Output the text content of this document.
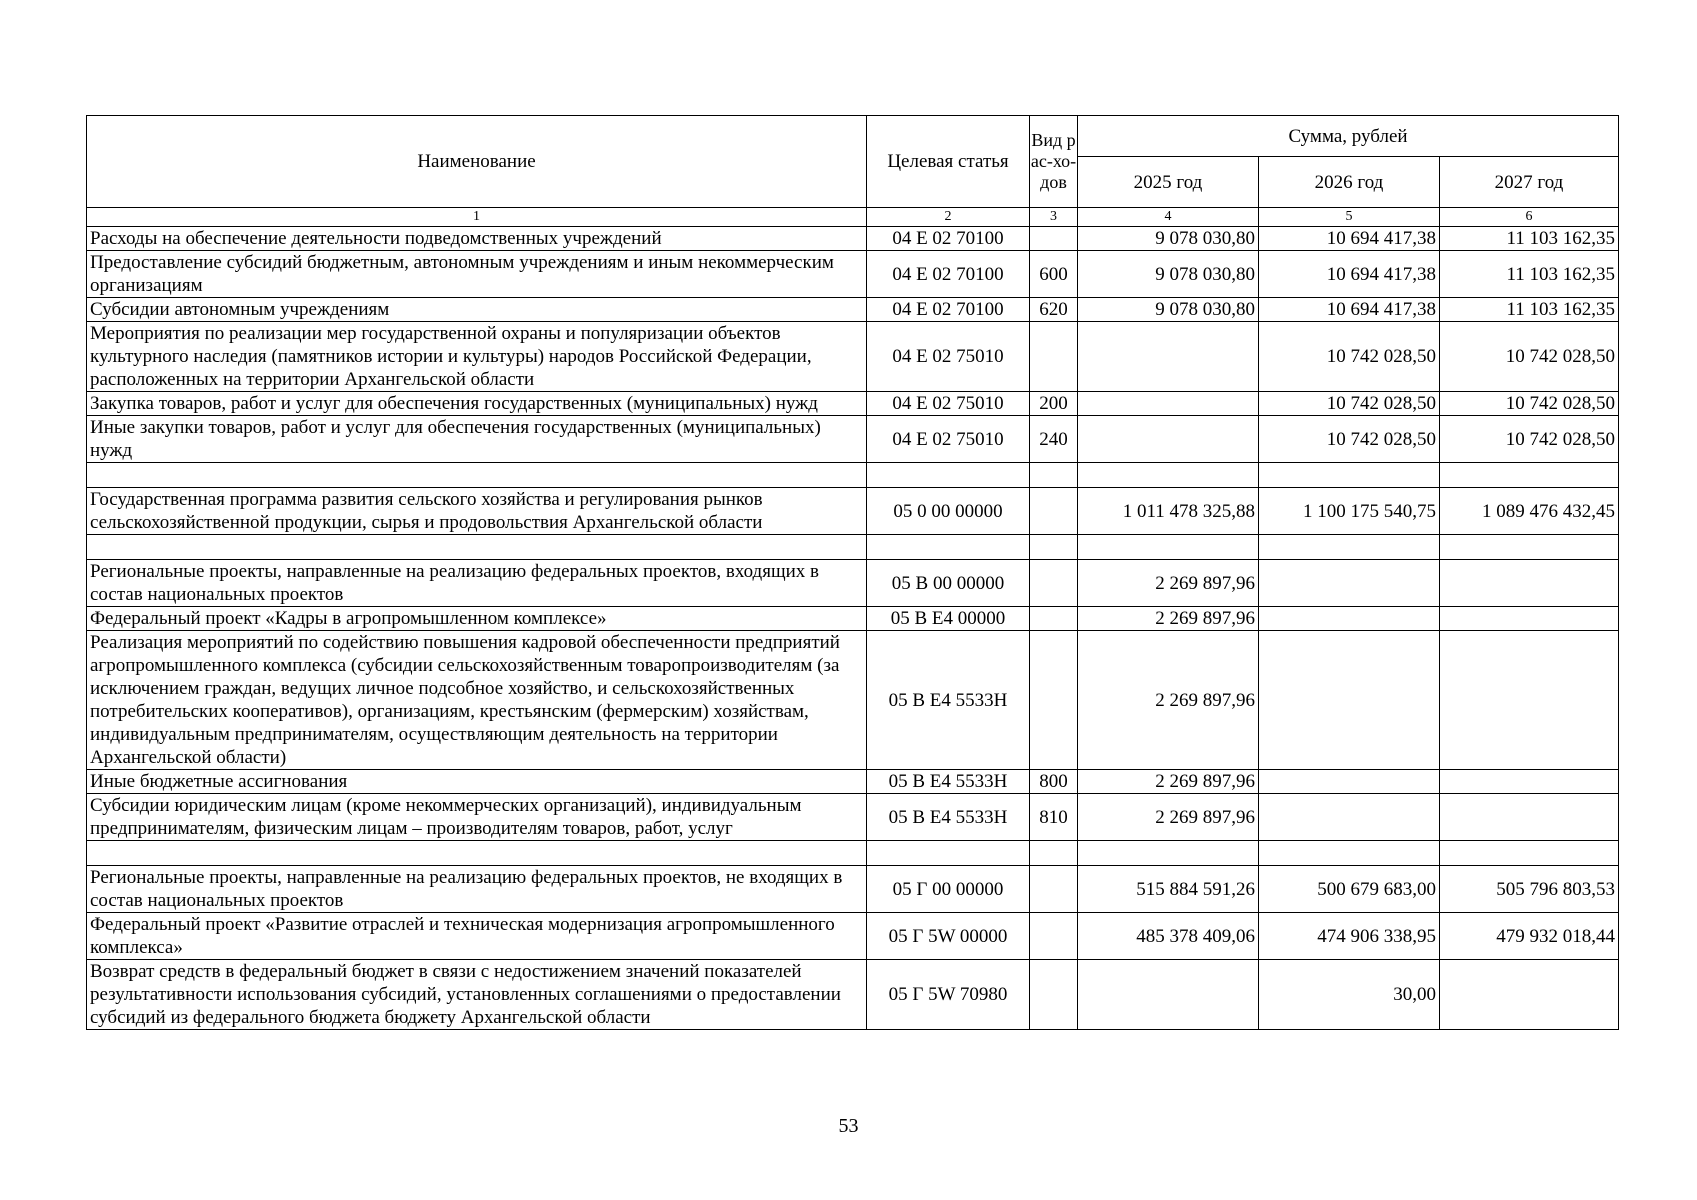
Наименование	Целевая статья	Вид рас-хо-дов	Сумма, рублей		
			2025 год	2026 год	2027 год
1	2	3	4	5	6
Расходы на обеспечение деятельности подведомственных учреждений	04 Е 02 70100		9 078 030,80	10 694 417,38	11 103 162,35
Предоставление субсидий бюджетным, автономным учреждениям и иным некоммерческим организациям	04 Е 02 70100	600	9 078 030,80	10 694 417,38	11 103 162,35
Субсидии автономным учреждениям	04 Е 02 70100	620	9 078 030,80	10 694 417,38	11 103 162,35
Мероприятия по реализации мер государственной охраны и популяризации объектов культурного наследия (памятников истории и культуры) народов Российской Федерации, расположенных на территории Архангельской области	04 Е 02 75010			10 742 028,50	10 742 028,50
Закупка товаров, работ и услуг для обеспечения государственных (муниципальных) нужд	04 Е 02 75010	200		10 742 028,50	10 742 028,50
Иные закупки товаров, работ и услуг для обеспечения государственных (муниципальных) нужд	04 Е 02 75010	240		10 742 028,50	10 742 028,50

Государственная программа развития сельского хозяйства и регулирования рынков сельскохозяйственной продукции, сырья и продовольствия Архангельской области	05 0 00 00000		1 011 478 325,88	1 100 175 540,75	1 089 476 432,45

Региональные проекты, направленные на реализацию федеральных проектов, входящих в состав национальных проектов	05 В 00 00000		2 269 897,96		
Федеральный проект «Кадры в агропромышленном комплексе»	05 В Е4 00000		2 269 897,96		
Реализация мероприятий по содействию повышения кадровой обеспеченности предприятий агропромышленного комплекса (субсидии сельскохозяйственным товаропроизводителям (за исключением граждан, ведущих личное подсобное хозяйство, и сельскохозяйственных потребительских кооперативов), организациям, крестьянским (фермерским) хозяйствам, индивидуальным предпринимателям, осуществляющим деятельность на территории Архангельской области)	05 В Е4 5533Н		2 269 897,96		
Иные бюджетные ассигнования	05 В Е4 5533Н	800	2 269 897,96		
Субсидии юридическим лицам (кроме некоммерческих организаций), индивидуальным предпринимателям, физическим лицам – производителям товаров, работ, услуг	05 В Е4 5533Н	810	2 269 897,96		

Региональные проекты, направленные на реализацию федеральных проектов, не входящих в состав национальных проектов	05 Г 00 00000		515 884 591,26	500 679 683,00	505 796 803,53
Федеральный проект «Развитие отраслей и техническая модернизация агропромышленного комплекса»	05 Г 5W 00000		485 378 409,06	474 906 338,95	479 932 018,44
Возврат средств в федеральный бюджет в связи с недостижением значений показателей результативности использования субсидий, установленных соглашениями о предоставлении субсидий из федерального бюджета бюджету Архангельской области	05 Г 5W 70980			30,00	
53
